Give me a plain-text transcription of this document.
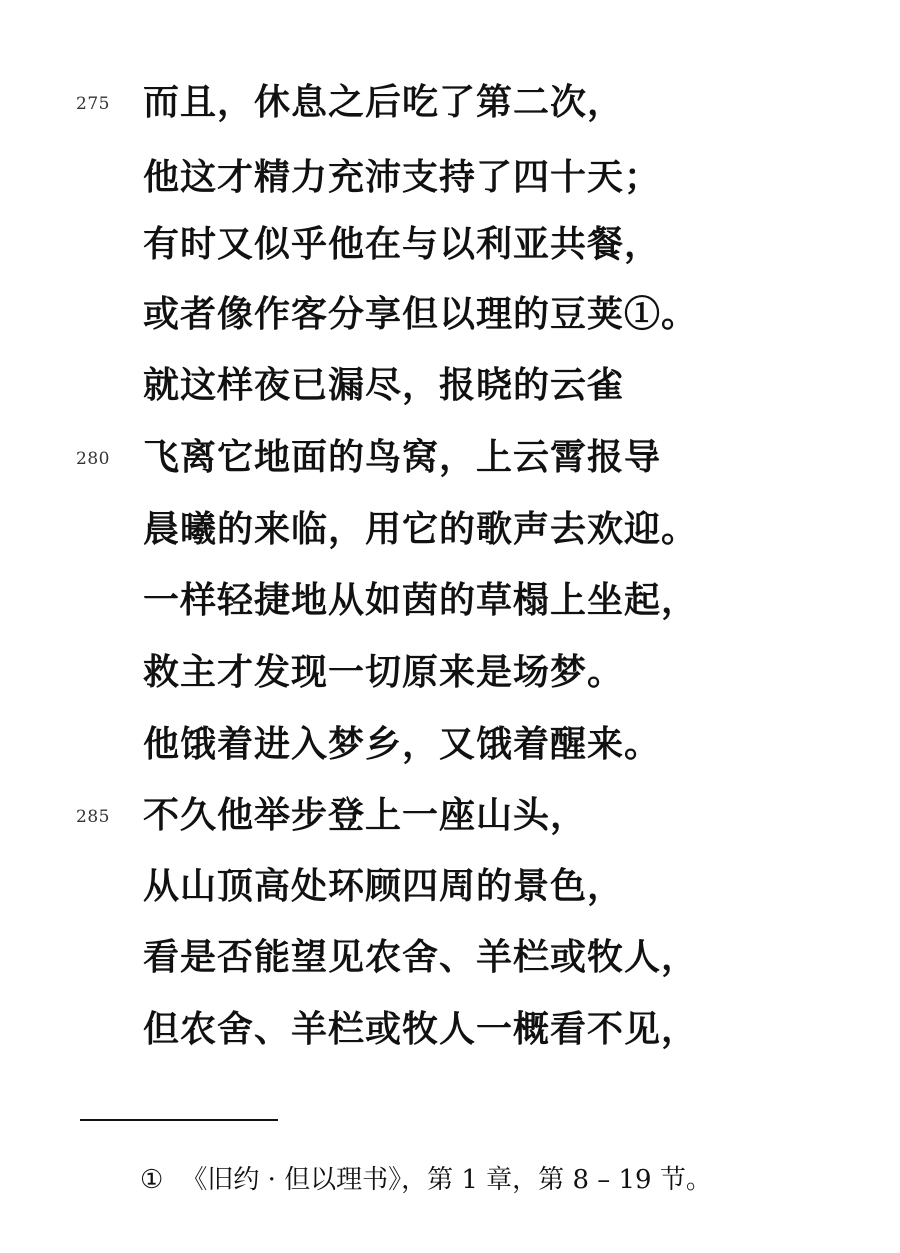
275 而且，休息之后吃了第二次，
他这才精力充沛支持了四十天；
有时又似乎他在与以利亚共餐，
或者像作客分享但以理的豆荚①。
就这样夜已漏尽，报晓的云雀
280 飞离它地面的鸟窝，上云霄报导
晨曦的来临，用它的歌声去欢迎。
一样轻捷地从如茵的草榻上坐起，
救主才发现一切原来是场梦。
他饿着进入梦乡，又饿着醒来。
285 不久他举步登上一座山头，
从山顶高处环顾四周的景色，
看是否能望见农舍、羊栏或牧人，
但农舍、羊栏或牧人一概看不见，
① 《旧约 · 但以理书》，第 1 章，第 8 – 19 节。
